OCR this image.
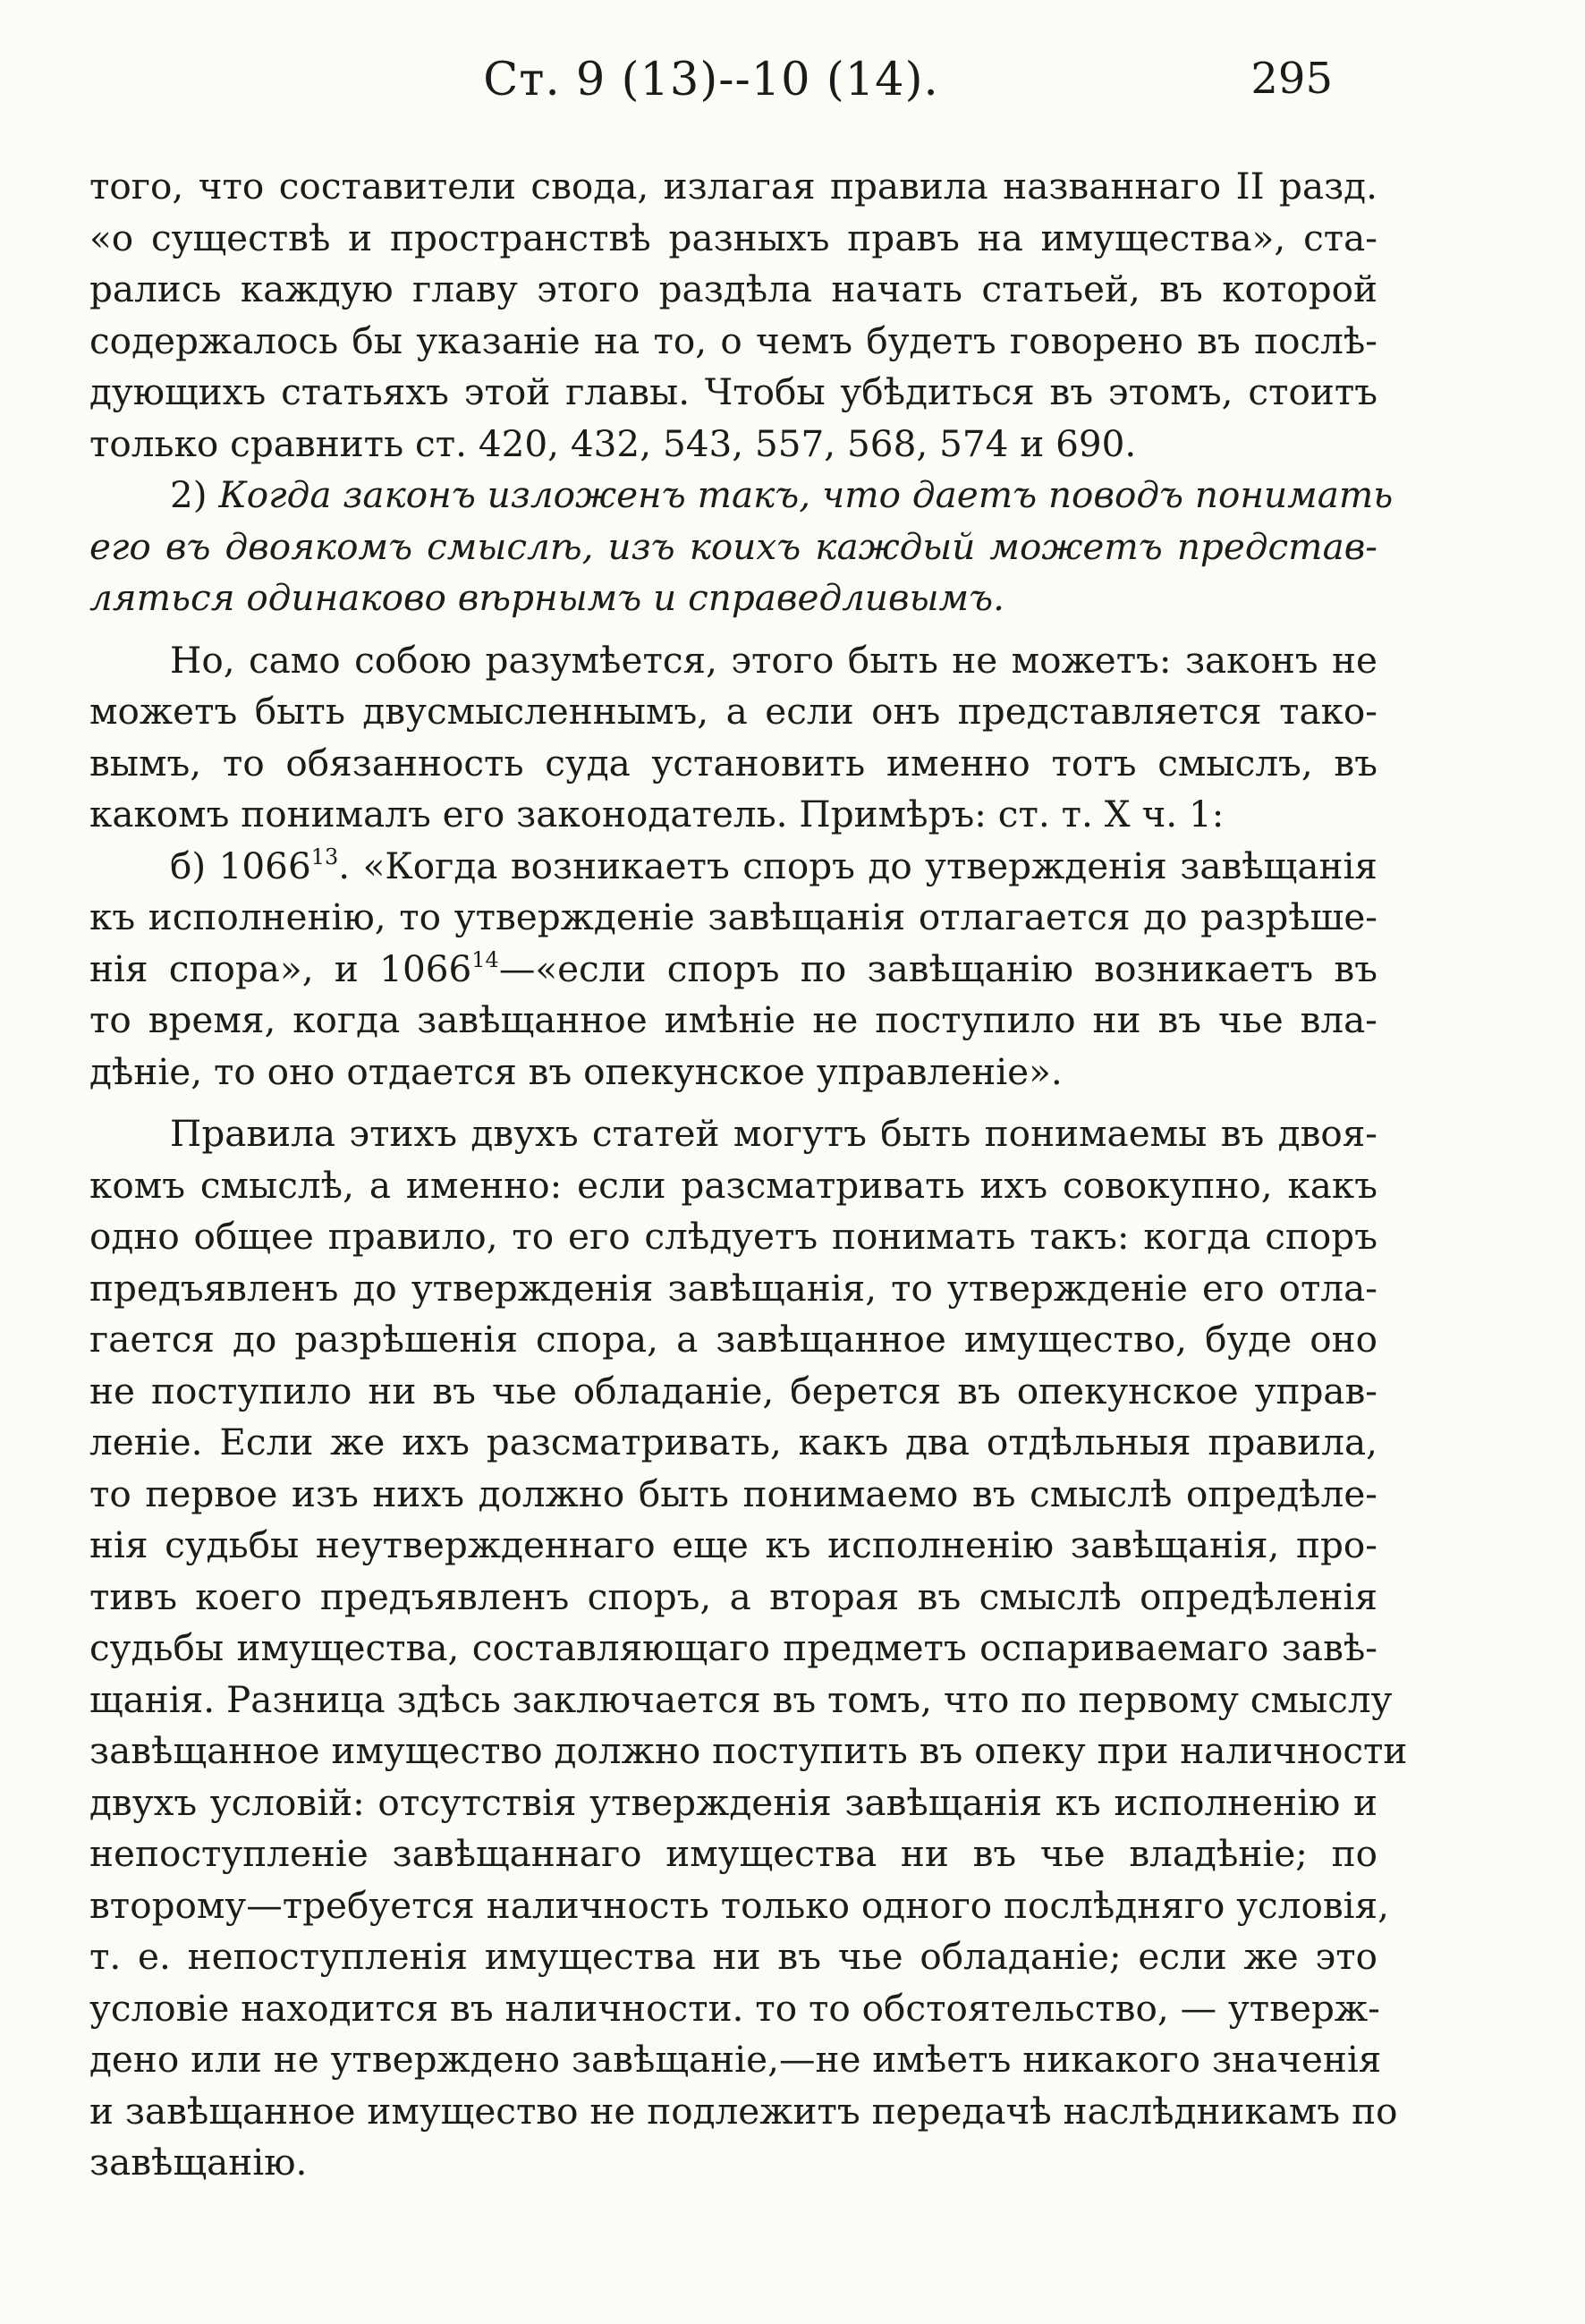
Ст. 9 (13)--10 (14).	295
того, что составители свода, излагая правила названнаго II разд.
«о существѣ и пространствѣ разныхъ правъ на имущества», ста-
рались каждую главу этого раздѣла начать статьей, въ которой
содержалось бы указаніе на то, о чемъ будетъ говорено въ послѣ-
дующихъ статьяхъ этой главы. Чтобы убѣдиться въ этомъ, стоитъ
только сравнить ст. 420, 432, 543, 557, 568, 574 и 690.
2) Когда законъ изложенъ такъ, что даетъ поводъ понимать
его въ двоякомъ смыслѣ, изъ коихъ каждый можетъ представ-
ляться одинаково вѣрнымъ и справедливымъ.
Но, само собою разумѣется, этого быть не можетъ: законъ не
можетъ быть двусмысленнымъ, а если онъ представляется тако-
вымъ, то обязанность суда установить именно тотъ смыслъ, въ
какомъ понималъ его законодатель. Примѣръ: ст. т. X ч. 1:
б) 1066$^{13}$. «Когда возникаетъ споръ до утвержденія завѣщанія
къ исполненію, то утвержденіе завѣщанія отлагается до разрѣше-
нія спора», и 1066$^{14}$—«если споръ по завѣщанію возникаетъ въ
то время, когда завѣщанное имѣніе не поступило ни въ чье вла-
дѣніе, то оно отдается въ опекунское управленіе».
Правила этихъ двухъ статей могутъ быть понимаемы въ двоя-
комъ смыслѣ, а именно: если разсматривать ихъ совокупно, какъ
одно общее правило, то его слѣдуетъ понимать такъ: когда споръ
предъявленъ до утвержденія завѣщанія, то утвержденіе его отла-
гается до разрѣшенія спора, а завѣщанное имущество, буде оно
не поступило ни въ чье обладаніе, берется въ опекунское управ-
леніе. Если же ихъ разсматривать, какъ два отдѣльныя правила,
то первое изъ нихъ должно быть понимаемо въ смыслѣ опредѣле-
нія судьбы неутвержденнаго еще къ исполненію завѣщанія, про-
тивъ коего предъявленъ споръ, а вторая въ смыслѣ опредѣленія
судьбы имущества, составляющаго предметъ оспариваемаго завѣ-
щанія. Разница здѣсь заключается въ томъ, что по первому смыслу
завѣщанное имущество должно поступить въ опеку при наличности
двухъ условій: отсутствія утвержденія завѣщанія къ исполненію и
непоступленіе завѣщаннаго имущества ни въ чье владѣніе; по
второму—требуется наличность только одного послѣдняго условія,
т. е. непоступленія имущества ни въ чье обладаніе; если же это
условіе находится въ наличности. то то обстоятельство, — утверж-
дено или не утверждено завѣщаніе,—не имѣетъ никакого значенія
и завѣщанное имущество не подлежитъ передачѣ наслѣдникамъ по
завѣщанію.
